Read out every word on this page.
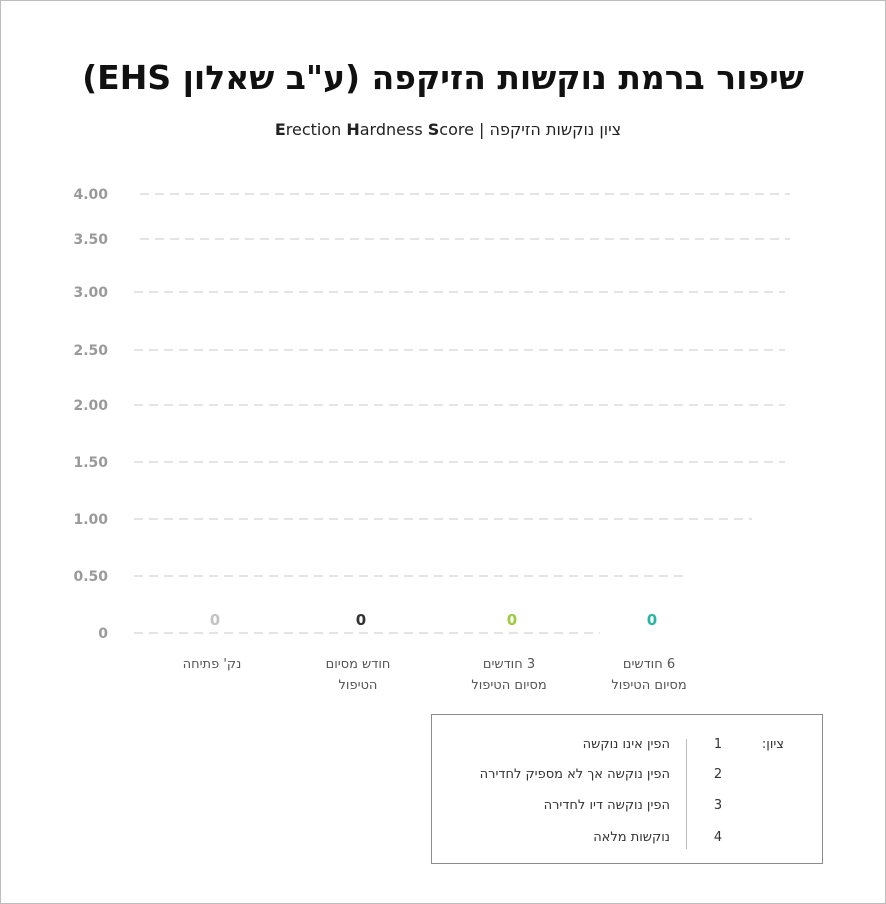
שיפור ברמת נוקשות הזיקפה (ע"ב שאלון EHS)
ציון נוקשות הזיקפה | Erection Hardness Score
0
0.50
1.00
1.50
2.00
2.50
3.00
3.50
4.00
0
נק' פתיחה
0
חודש מסיום
הטיפול
0
3 חודשים
מסיום הטיפול
0
6 חודשים
מסיום הטיפול
ציון:
1
הפין אינו נוקשה
2
הפין נוקשה אך לא מספיק לחדירה
3
הפין נוקשה דיו לחדירה
4
נוקשות מלאה
